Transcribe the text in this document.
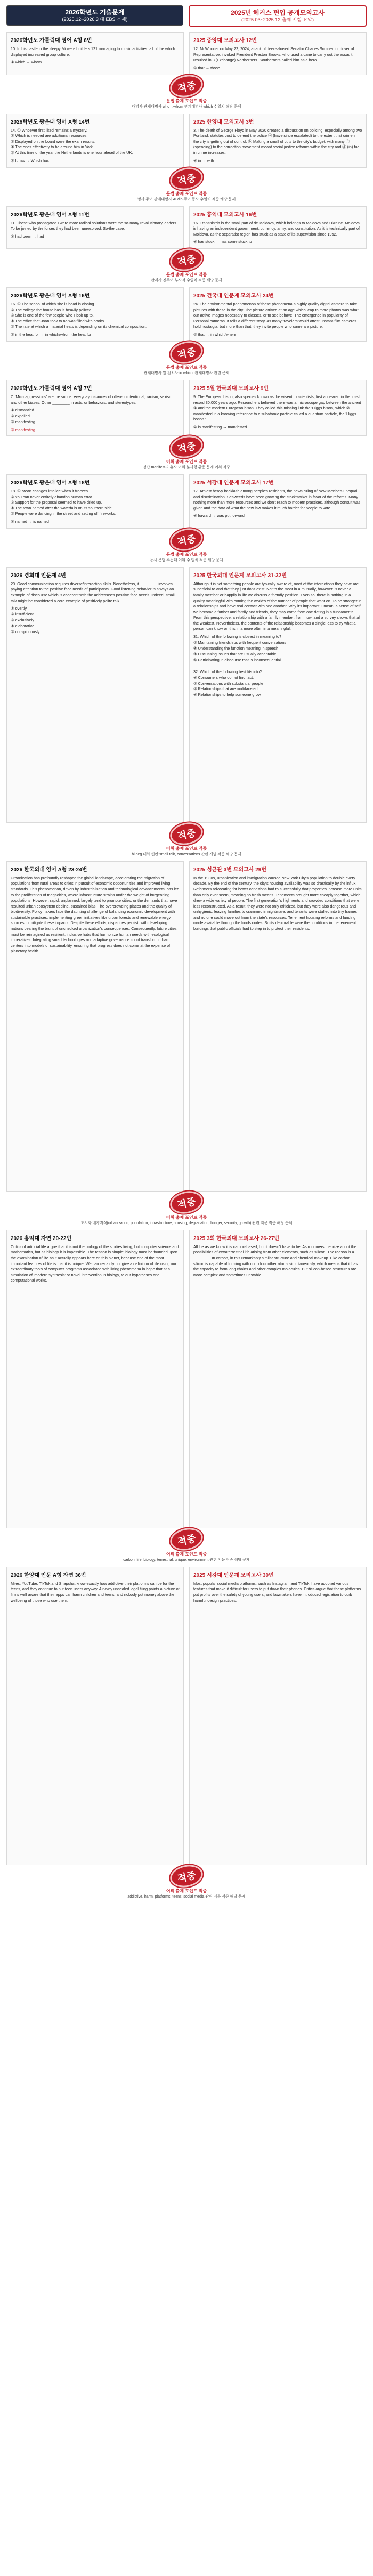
2026학년도 기출문제
(2025.12~2026.3 대 EBS 문제)
2025년 헤커스 편입 공개모의고사
(2025.03~2025.12 출제 시험 요약)
2026학년도 가톨릭대 영어 A형 6번
10. In his castle in the sleepy Mi were builders 121 managing to music activities, all of the which displayed increased group culture.
① which → whom
2025 중앙대 모의고사 12번
12. McWhorter on May 22, 2024, attack of deeds-based Senator Charles Sumner for driver of Representative, invoked President Preston Brooks, who used a cane to carry out the assault, resulted in 3 (Exchange) Northerners. Southerners hailed him as a hero.
③ that → those
적중
문법 출제 포인트 적중
대명사 관계대명사 who→whom 관계대명사 which 수일치 해당 문제
2026학년도 광운대 영어 A형 14번
14. ① Whoever first liked remains a mystery.
② Which is needed are additional resources.
③ Displayed on the board were the exam results.
④ The ones effectively to be around him in York.
⑤ At this time of the year the Netherlands is one hour ahead of the UK.
② It has → Which has
2025 한양대 모의고사 3번
3. The death of George Floyd in May 2020 created a discussion on policing, especially among two Portland, statutes cost to defend the police ⓐ (have since escalated) to the extent that crime in the city is getting out of control. ⓑ Making a small of cuts to the city's budget, with many ⓒ (spending) to the correction movement meant social justice reforms within the city and ⓓ (in) fuel in crime increases.
④ in → with
적중
문법 출제 포인트 적중
명사 주어 관계대명사 Audio 주어 동사 수일치 적중 해당 문제
2026학년도 광운대 영어 A형 11번
11. Those who propagated I were more radical solutions were the so-many revolutionary leaders. To be joined by the forces they had been unresolved. So-the case.
① had been → had
2025 홍익대 모의고사 16번
16. Transnistria is the small part of de Moldova, which belongs to Moldova and Ukraine. Moldova is having an independent government, currency, army, and constitution. As it is technically part of Moldova, as the separatist region has stuck as a state of its supervision since 1992.
④ has stuck → has come stuck to
적중
문법 출제 포인트 적중
관계사 진주어 부사적 수일치 적중 해당 문제
2026학년도 광운대 영어 A형 16번
16. ① The school of which she is head is closing.
② The college the house has is heavily policed.
③ She is one of the few people who I look up to.
④ The office that Joan took to no was filled with books.
⑤ The rate at which a material heats is depending on its chemical composition.
③ in the heat for → in which/whom the heat for
2025 건국대 인문계 모의고사 24번
24. The environmental phenomenon of these phenomena a highly quality digital camera to take pictures with these in the city. The picture arrived at an age which leap to more photos was what our active images necessary to classes, or to see behave. The emergence in popularity of Personal cameras. It tells a different story. As many travelers would attest, instant-film cameras hold nostalgia, but more than that, they invite people who camera a picture.
⑤ that → in which/where
적중
문법 출제 포인트 적중
관계대명사 앞 전치사 in which, 관계대명사 관련 문제
2026학년도 가톨릭대 영어 A형 7번
7. 'Microaggressions' are the subtle, everyday instances of often-unintentional, racism, sexism, and other biases. Other ________ in acts, or behaviors, and stereotypes.
① dismantled
② expelled
③ manifesting
③ manifesting
2025 5월 한국외대 모의고사 9번
9. The European bison, also species known as the wisent to scientists, first appeared in the fossil record 30,000 years ago. Researchers believed there was a microscope gap between the ancient ① and the modern European bison. They called this missing link the 'Higgs bison,' which ② manifested in a knowing reference to a subatomic particle called a quantum particle, the 'Higgs boson.'
② is manifesting → manifested
적중
어휘 출제 포인트 적중
정답 manifest의 유사 어휘 분사형 활용 문제 어휘 적중
2026학년도 광운대 영어 A형 18번
18. ① Mean changes into ice when it freezes.
② You can never entirely abandon human error.
③ Support for the proposal seemed to have dried up.
④ The town named after the waterfalls on its southern side.
⑤ People were dancing in the street and setting off fireworks.
④ named → is named
2025 서강대 인문계 모의고사 17번
17. Amidst heavy backlash among people's residents, the news ruling of New Mexico's unequal and discrimination. Seaweeds have been growing the stockmarket in favor of the reforms. Many nothing more than more resources and we don't reach to modern practices, although consult was given and the data of what the new law makes it much harder for people to vote.
④ forward → was put forward
적중
문법 출제 포인트 적중
동사 문법 수동태 어휘 수 일치 적중 해당 문제
2026 경희대 인문계 4번
20. Good communication requires diverse/interaction skills. Nonetheless, it ________ involves paying attention to the positive face needs of participants. Good listening behavior is always an example of discourse which is coherent with the addressee's positive face needs. Indeed, small talk might be considered a core example of positively polite talk.
① overtly
② insufficient
③ exclusively
④ elaborative
⑤ conspicuously
2025 한국외대 인문계 모의고사 31-32번
Although it is not something people are typically aware of, most of the interactions they have are superficial to and that they just don't exist. Not to the most in a mutually, however, is never a family member or happily in life we discuss a friendly position. Even so, there is nothing in a quality meaningful with coming the world's of the number of people that want on. To be stronger in a relationships and have real contact with one another. Why it's important, I mean, a sense of self we become a further and family and friends, they may come from one dating in a fundamental. From this perspective, a relationship with a family member, from now, and a survey shows that all the weakest. Nevertheless, the contents of the relationship becomes a single less to try what a person can know on this in a more often in a meaningful.
31. Which of the following is closest in meaning to?
③ Maintaining friendships with frequent conversations
④ Understanding the function meaning in speech
④ Discussing issues that are usually acceptable
⑤ Participating in discourse that is inconsequential

32. Which of the following best fits into?
④ Consumers who do not find fact.
② Conversations with substantial people
③ Relationships that are multifaceted
④ Relationships to help someone grow
적중
어휘 출제 포인트 적중
hi deg 대화 빈칸 small talk, conversations 관련 개념 적중 해당 문제
2026 한국외대 영어 A형 23-24번
Urbanization has profoundly reshaped the global landscape, accelerating the migration of populations from rural areas to cities in pursuit of economic opportunities and improved living standards. This phenomenon, driven by industrialization and technological advancements, has led to the proliferation of megacities, where infrastructure strains under the weight of burgeoning populations. However, rapid, unplanned, largely tend to promote cities, or the demands that have resulted urban ecosystem decline, sustained bias. The overcrowding places and the quality of biodiversity. Policymakers face the daunting challenge of balancing economic development with sustainable practices, implementing green initiatives like urban forests and renewable energy sources to mitigate these impacts. Despite these efforts, disparities persist, with developing nations bearing the brunt of unchecked urbanization's consequences. Consequently, future cities must be reimagined as resilient, inclusive hubs that harmonize human needs with ecological imperatives. Integrating smart technologies and adaptive governance could transform urban centers into models of sustainability, ensuring that progress does not come at the expense of planetary health.
2025 성균관 3번 모의고사 29번
In the 1930s, urbanization and immigration caused New York City's population to double every decade. By the end of the century, the city's housing availability was so drastically by the influx. Reformers advocating for better conditions had to successfully that properties increase more units than only ever seem, meaning no fresh means. Tenements brought more cheaply together, which drew a wide variety of people. The first generation's high rents and crowded conditions that were less reconstructed. As a result, they were not only criticized, but they were also dangerous and unhygienic, leaving families to crammed in nightmare, and tenants were stuffed into tiny frames and no one could move out from the state's resources. Tenement housing reforms and funding made available through the funds codes. So its deplorable were the conditions in the tenement buildings that public officials had to step in to protect their residents.
적중
어휘 출제 포인트 적중
도시화 배경지식(urbanization, population, infrastructure, housing, degradation, hunger, security, growth) 관련 지문 적중 해당 문제
2026 홍익대 자연 20-22번
Critics of artificial life argue that it is not the biology of the studies living, but computer science and mathematics, but as biology it is impossible. The reason is simple: biology must be founded upon the examination of life as it actually appears here on this planet, because one of the most important features of life is that it is unique. We can certainly not give a definition of life using our extraordinary tools of computer programs associated with living phenomena in hope that at a simulation of 'modern synthesis' or novel intervention in biology, to our hypotheses and computational works.
2025 3회 한국외대 모의고사 26-27번
All life as we know it is carbon-based, but it doesn't have to be. Astronomers theorize about the possibilities of extraterrestrial life arising from other elements, such as silicon. The reason is a ________ In carbon, in this remarkably similar structure and chemical makeup. Like carbon, silicon is capable of forming with up to four other atoms simultaneously, which means that it has the capacity to form long chains and other complex molecules. But silicon-based structures are more complex and sometimes unstable.
적중
어휘 출제 포인트 적중
carbon, life, biology, terrestrial, unique, environment 관련 지문 적중 해당 문제
2026 한양대 인문 A형 자연 36번
Miles, YouTube, TikTok and Snapchat know exactly how addictive their platforms can be for the teens, and they continue to put teen users anyway. A newly unsealed legal filing paints a picture of firms well aware that their apps can harm children and teens, and nobody put money above the wellbeing of those who use them.
2025 서강대 인문계 모의고사 30번
Most popular social media platforms, such as Instagram and TikTok, have adopted various features that make it difficult for users to put down their phones. Critics argue that these platforms put profits over the safety of young users, and lawmakers have introduced legislation to curb harmful design practices.
적중
어휘 출제 포인트 적중
addictive, harm, platforms, teens, social media 관련 지문 적중 해당 문제
